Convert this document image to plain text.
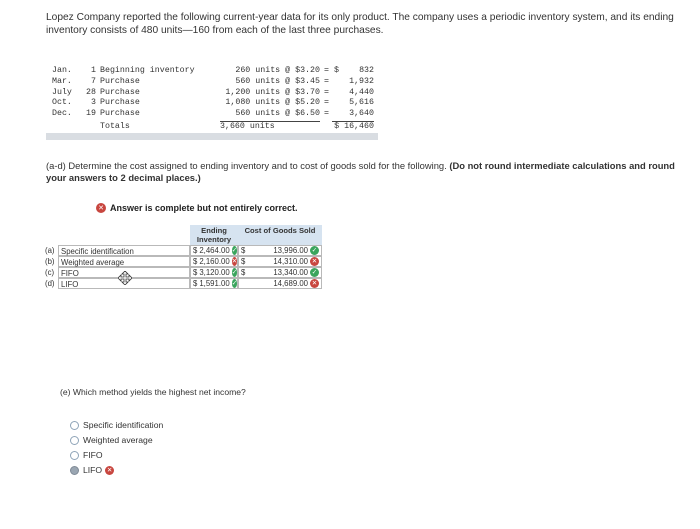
Lopez Company reported the following current-year data for its only product. The company uses a periodic inventory system, and its ending inventory consists of 480 units—160 from each of the last three purchases.
Jan.	1 Beginning inventory	260 units @ $3.20 = $	832
Mar.	7 Purchase	560 units @ $3.45 =	1,932
July 28 Purchase	1,200 units @ $3.70 =	4,440
Oct.	3 Purchase	1,080 units @ $5.20 =	5,616
Dec. 19 Purchase	560 units @ $6.50 =	3,640
Totals	3,660 units	$ 16,460
(a-d) Determine the cost assigned to ending inventory and to cost of goods sold for the following. (Do not round intermediate calculations and round your answers to 2 decimal places.)
✕ Answer is complete but not entirely correct.
Ending Inventory
Cost of Goods Sold
(a) Specific identification	$ 2,464.00 ✓ $	13,996.00 ✓
(b) Weighted average	$ 2,160.00 ✕ $	14,310.00 ✕
(c) FIFO	$ 3,120.00 ✓ $	13,340.00 ✓
(d) LIFO	$ 1,591.00 ✓	14,689.00 ✕
(e) Which method yields the highest net income?
Specific identification
Weighted average
FIFO
LIFO ✕
